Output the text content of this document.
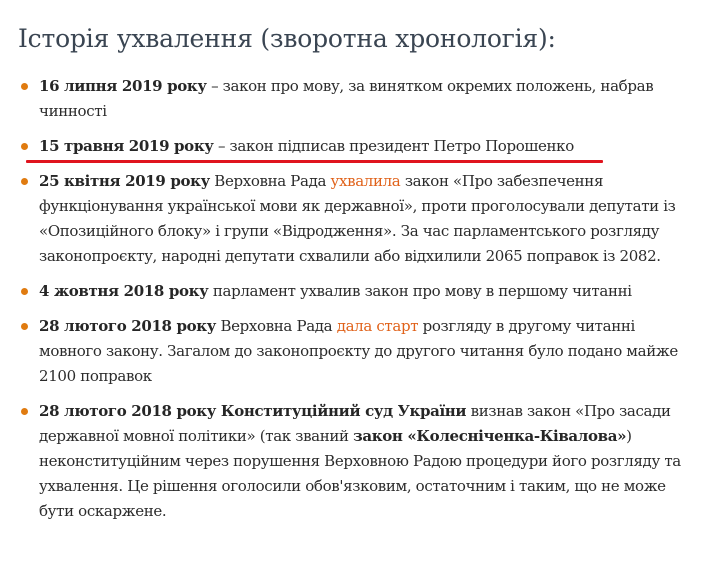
Історія ухвалення (зворотна хронологія):
16 липня 2019 року – закон про мову, за винятком окремих положень, набрав чинності
15 травня 2019 року – закон підписав президент Петро Порошенко
25 квітня 2019 року Верховна Рада ухвалила закон «Про забезпечення функціонування української мови як державної», проти проголосували депутати із «Опозиційного блоку» і групи «Відродження». За час парламентського розгляду законопроєкту, народні депутати схвалили або відхилили 2065 поправок із 2082.
4 жовтня 2018 року парламент ухвалив закон про мову в першому читанні
28 лютого 2018 року Верховна Рада дала старт розгляду в другому читанні мовного закону. Загалом до законопроєкту до другого читання було подано майже 2100 поправок
28 лютого 2018 року Конституційний суд України визнав закон «Про засади державної мовної політики» (так званий закон «Колесніченка-Ківалова») неконституційним через порушення Верховною Радою процедури його розгляду та ухвалення. Це рішення оголосили обов'язковим, остаточним і таким, що не може бути оскаржене.
